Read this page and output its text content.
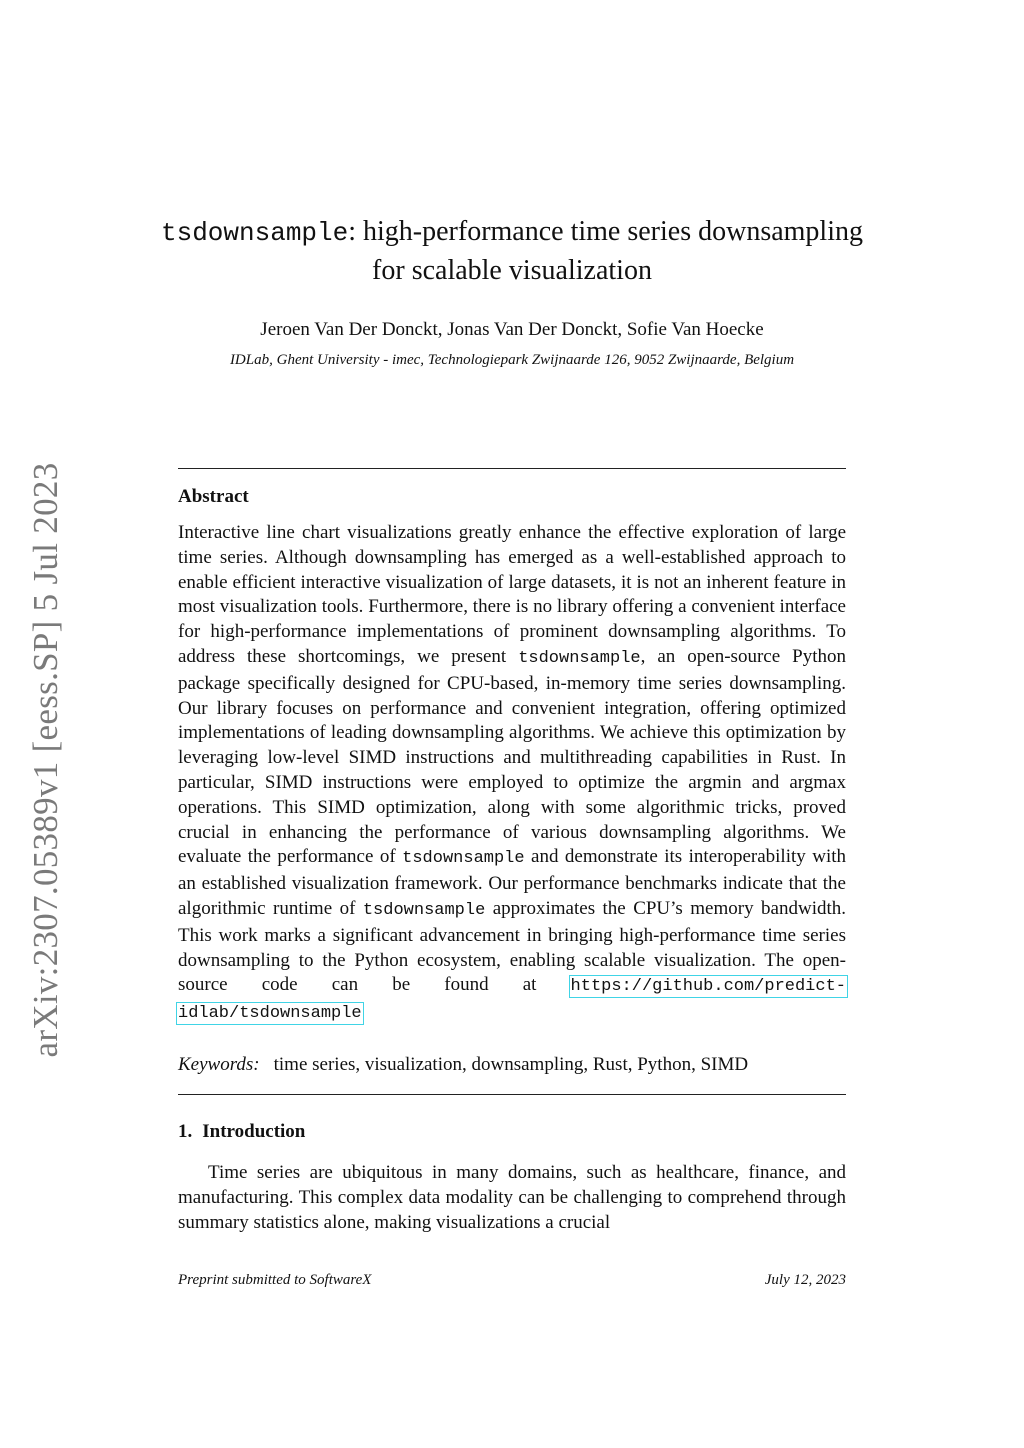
arXiv:2307.05389v1 [eess.SP] 5 Jul 2023
tsdownsample: high-performance time series downsampling for scalable visualization
Jeroen Van Der Donckt, Jonas Van Der Donckt, Sofie Van Hoecke
IDLab, Ghent University - imec, Technologiepark Zwijnaarde 126, 9052 Zwijnaarde, Belgium
Abstract
Interactive line chart visualizations greatly enhance the effective exploration of large time series. Although downsampling has emerged as a well-established approach to enable efficient interactive visualization of large datasets, it is not an inherent feature in most visualization tools. Furthermore, there is no library offering a convenient interface for high-performance implementations of prominent downsampling algorithms. To address these shortcomings, we present tsdownsample, an open-source Python package specifically designed for CPU-based, in-memory time series downsampling. Our library focuses on performance and convenient integration, offering optimized implementations of leading downsampling algorithms. We achieve this optimization by leveraging low-level SIMD instructions and multithreading capabilities in Rust. In particular, SIMD instructions were employed to optimize the argmin and argmax operations. This SIMD optimization, along with some algorithmic tricks, proved crucial in enhancing the performance of various downsampling algorithms. We evaluate the performance of tsdownsample and demonstrate its interoperability with an established visualization framework. Our performance benchmarks indicate that the algorithmic runtime of tsdownsample approximates the CPU’s memory bandwidth. This work marks a significant advancement in bringing high-performance time series downsampling to the Python ecosystem, enabling scalable visualization. The open-source code can be found at https://github.com/predict-idlab/tsdownsample
Keywords: time series, visualization, downsampling, Rust, Python, SIMD
1. Introduction
Time series are ubiquitous in many domains, such as healthcare, finance, and manufacturing. This complex data modality can be challenging to comprehend through summary statistics alone, making visualizations a crucial
Preprint submitted to SoftwareX	July 12, 2023
